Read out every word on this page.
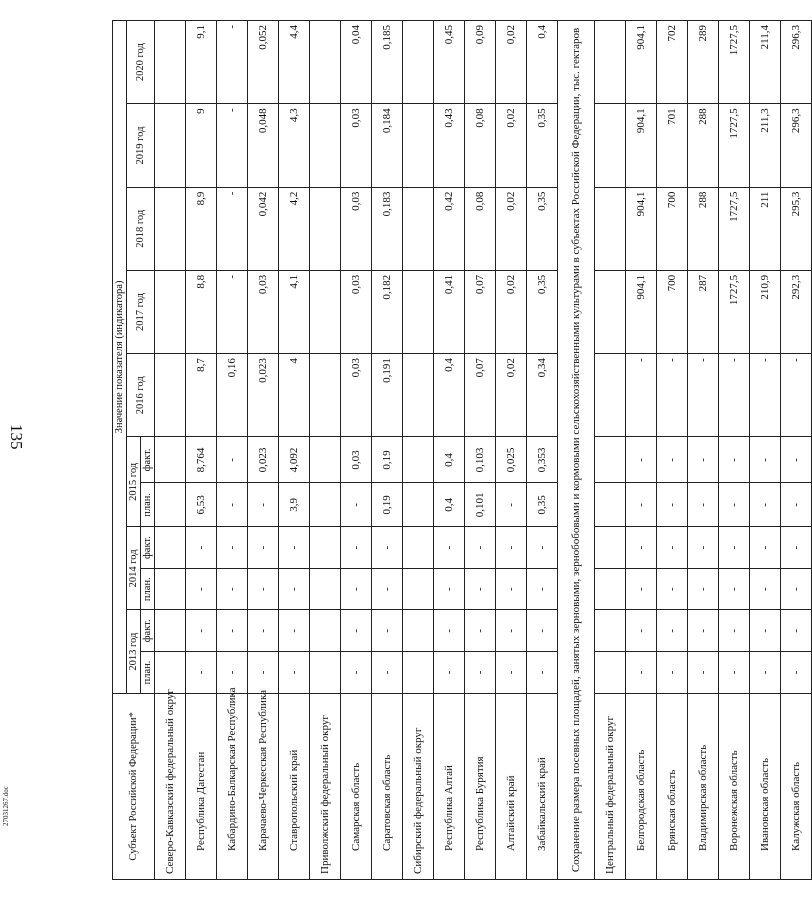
135
27031267.doc	Субъект Российской Федерации*	Значение показателя (индикатора)										
	2013 год		2014 год		2015 год		2016 год	2017 год	2018 год	2019 год	2020 год
	план.	факт.	план.	факт.	план.	факт.					
Северо-Кавказский федеральный округ											
Республика Дагестан	-	-	-	-	6,53	8,764	8,7	8,8	8,9	9	9,1
Кабардино-Балкарская Республика	-	-	-	-	-	-	0,16	-	-	-	-
Карачаево-Черкесская Республика	-	-	-	-	-	0,023	0,023	0,03	0,042	0,048	0,052
Ставропольский край	-	-	-	-	3,9	4,092	4	4,1	4,2	4,3	4,4
Приволжский федеральный округ											
Самарская область	-	-	-	-	-	0,03	0,03	0,03	0,03	0,03	0,04
Саратовская область	-	-	-	-	0,19	0,19	0,191	0,182	0,183	0,184	0,185
Сибирский федеральный округ											
Республика Алтай	-	-	-	-	0,4	0,4	0,4	0,41	0,42	0,43	0,45
Республика Бурятия	-	-	-	-	0,101	0,103	0,07	0,07	0,08	0,08	0,09
Алтайский край	-	-	-	-	-	0,025	0,02	0,02	0,02	0,02	0,02
Забайкальский край	-	-	-	-	0,35	0,353	0,34	0,35	0,35	0,35	0,4
Сохранение размера посевных площадей, занятых зерновыми, зернобобовыми и кормовыми сельскохозяйственными культурами в субъектах Российской Федерации, тыс. гектаров											
Центральный федеральный округ											
Белгородская область	-	-	-	-	-	-	-	904,1	904,1	904,1	904,1
Брянская область	-	-	-	-	-	-	-	700	700	701	702
Владимирская область	-	-	-	-	-	-	-	287	288	288	289
Воронежская область	-	-	-	-	-	-	-	1727,5	1727,5	1727,5	1727,5
Ивановская область	-	-	-	-	-	-	-	210,9	211	211,3	211,4
Калужская область	-	-	-	-	-	-	-	292,3	295,3	296,3	296,3
